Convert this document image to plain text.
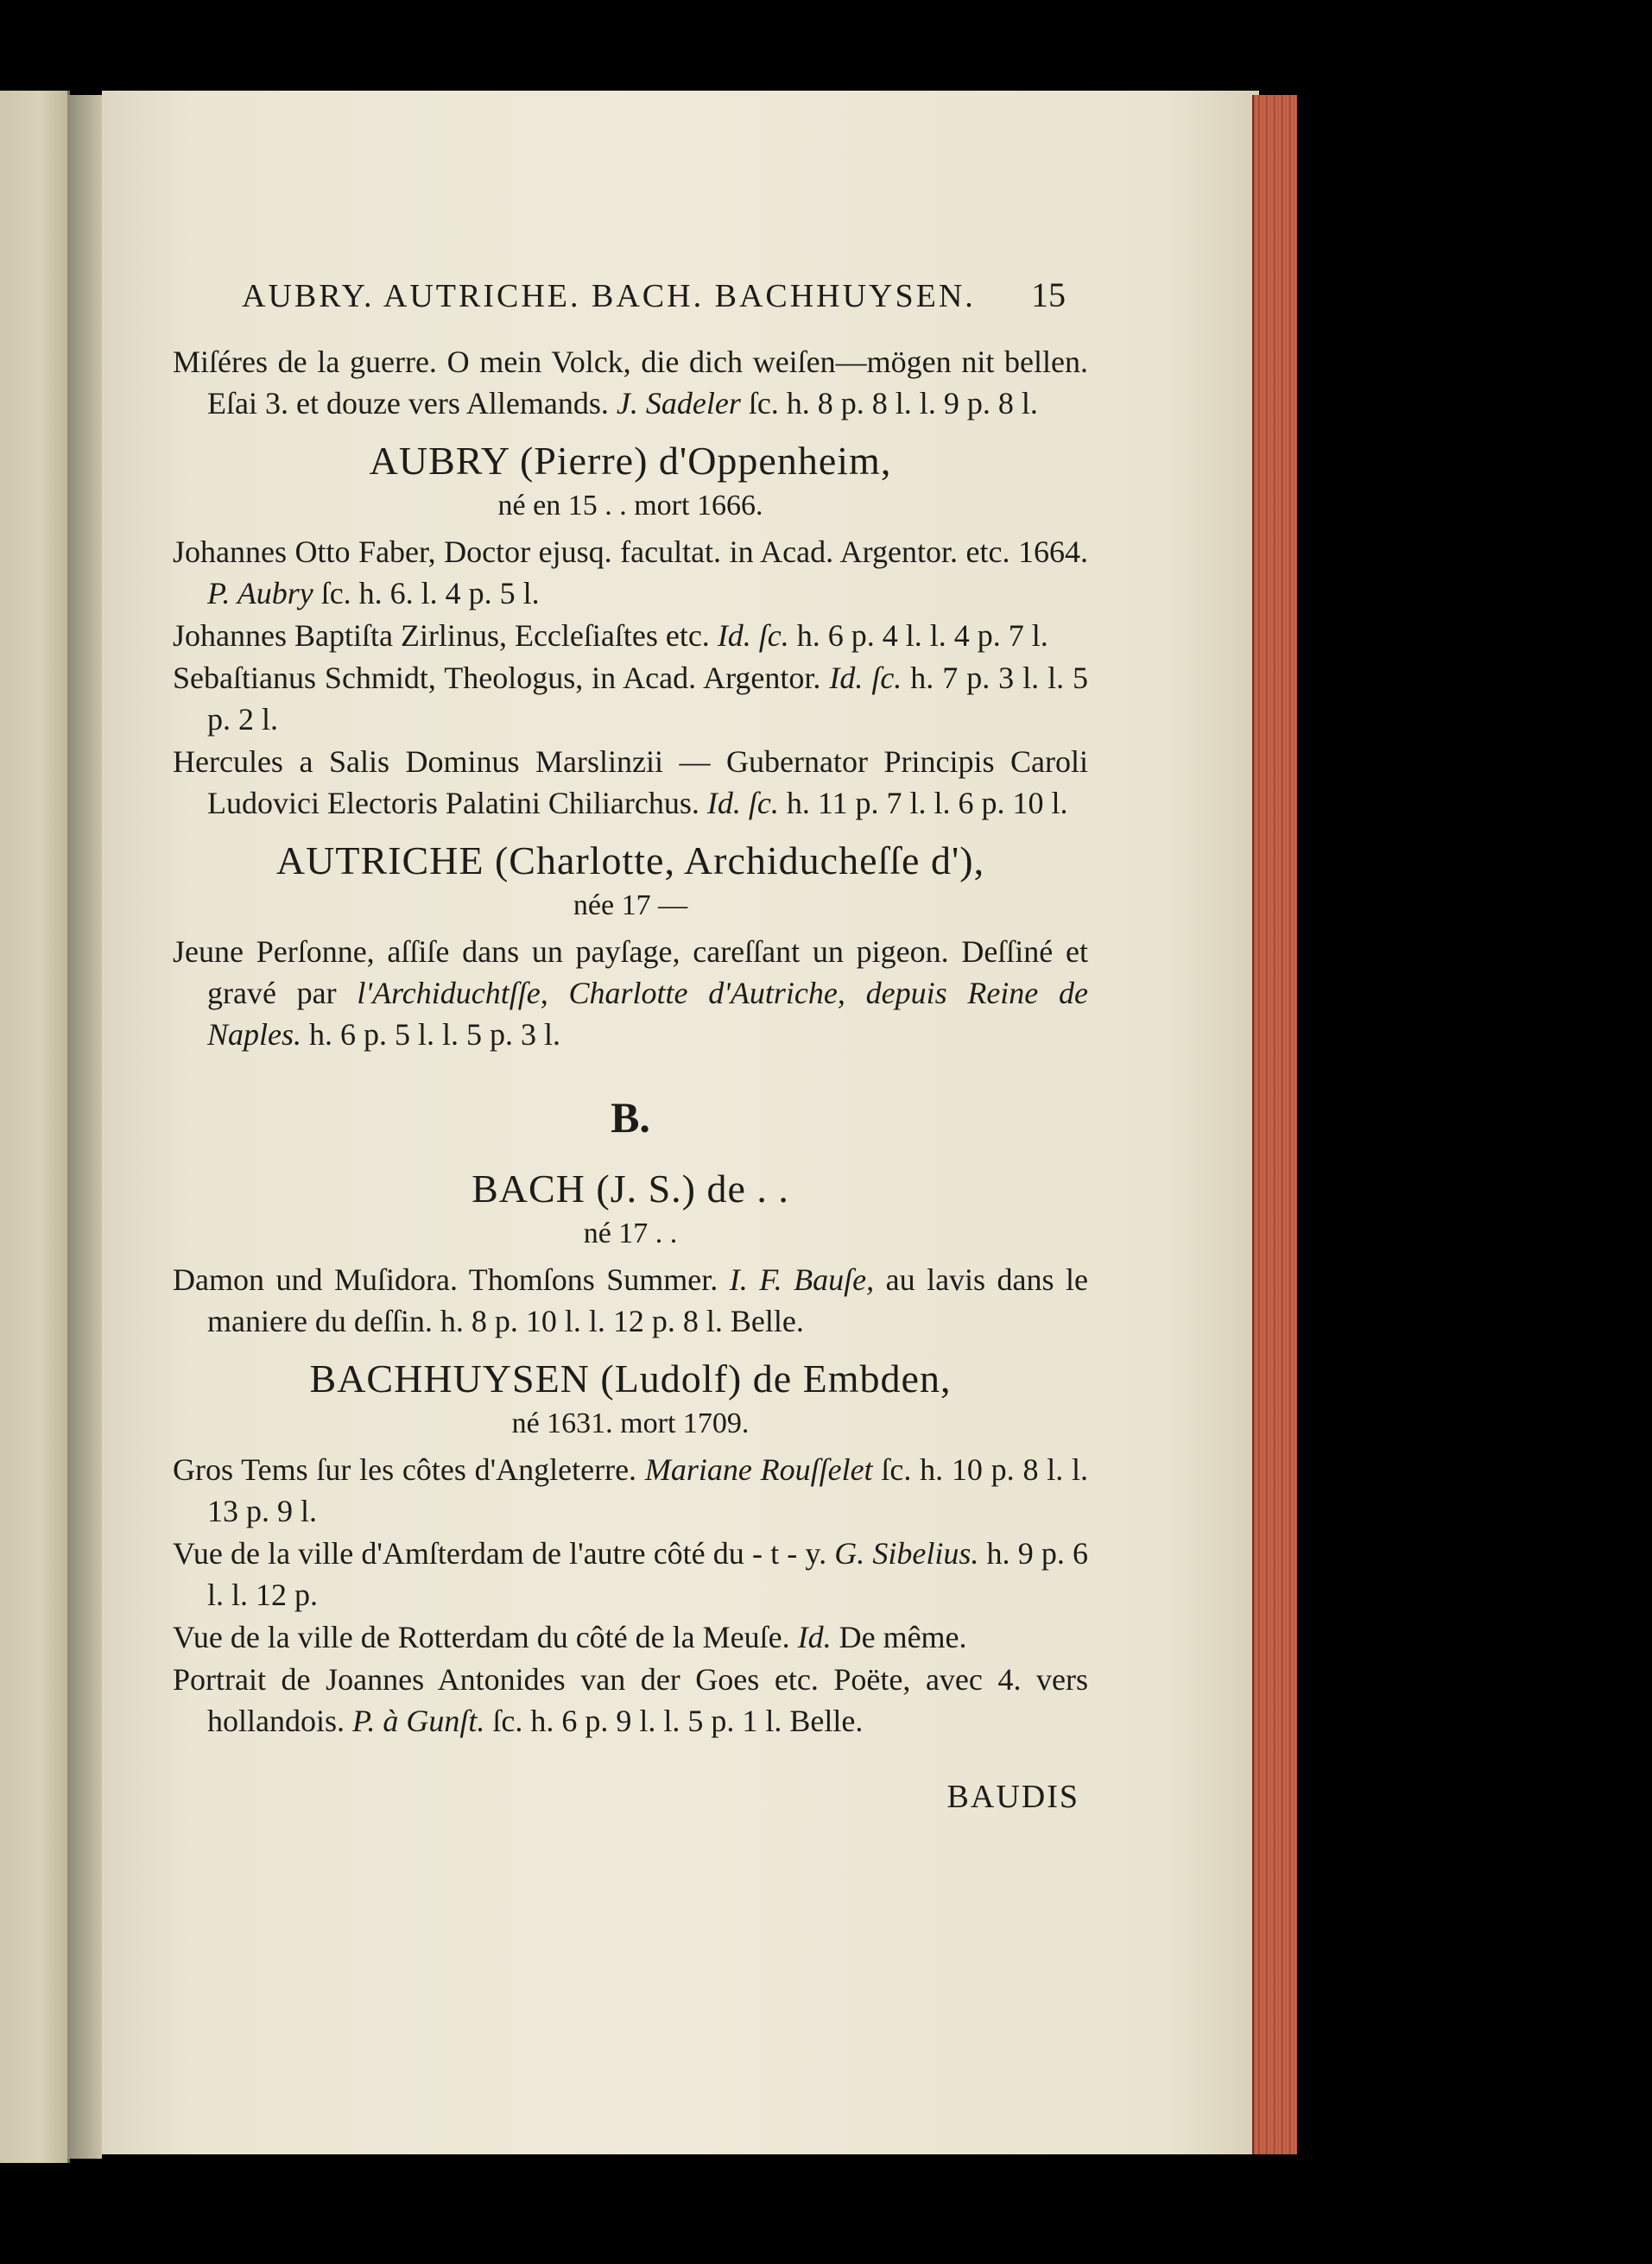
AUBRY. AUTRICHE. BACH. BACHHUYSEN. 15

Miſéres de la guerre. O mein Volck, die dich weiſen—mögen nit bellen. Eſai 3. et douze vers Allemands. J. Sadeler ſc. h. 8 p. 8 l. l. 9 p. 8 l.

AUBRY (Pierre) d'Oppenheim,
né en 15 . . mort 1666.

Johannes Otto Faber, Doctor ejusq. facultat. in Acad. Argentor. etc. 1664. P. Aubry ſc. h. 6. l. 4 p. 5 l.

Johannes Baptiſta Zirlinus, Eccleſiaſtes etc. Id. ſc. h. 6 p. 4 l. l. 4 p. 7 l.

Sebaſtianus Schmidt, Theologus, in Acad. Argentor. Id. ſc. h. 7 p. 3 l. l. 5 p. 2 l.

Hercules a Salis Dominus Marslinzii — Gubernator Principis Caroli Ludovici Electoris Palatini Chiliarchus. Id. ſc. h. 11 p. 7 l. l. 6 p. 10 l.

AUTRICHE (Charlotte, Archiducheſſe d'),
née 17 —

Jeune Perſonne, aſſiſe dans un payſage, careſſant un pigeon. Deſſiné et gravé par l'Archiduchtſſe, Charlotte d'Autriche, depuis Reine de Naples. h. 6 p. 5 l. l. 5 p. 3 l.

B.
BACH (J. S.) de . .
né 17 . .

Damon und Muſidora. Thomſons Summer. I. F. Bauſe, au lavis dans le maniere du deſſin. h. 8 p. 10 l. l. 12 p. 8 l. Belle.

BACHHUYSEN (Ludolf) de Embden,
né 1631. mort 1709.

Gros Tems ſur les côtes d'Angleterre. Mariane Rouſſelet ſc. h. 10 p. 8 l. l. 13 p. 9 l.

Vue de la ville d'Amſterdam de l'autre côté du - t - y. G. Sibelius. h. 9 p. 6 l. l. 12 p.

Vue de la ville de Rotterdam du côté de la Meuſe. Id. De même.

Portrait de Joannes Antonides van der Goes etc. Poëte, avec 4. vers hollandois. P. à Gunſt. ſc. h. 6 p. 9 l. l. 5 p. 1 l. Belle.

BAUDIS
